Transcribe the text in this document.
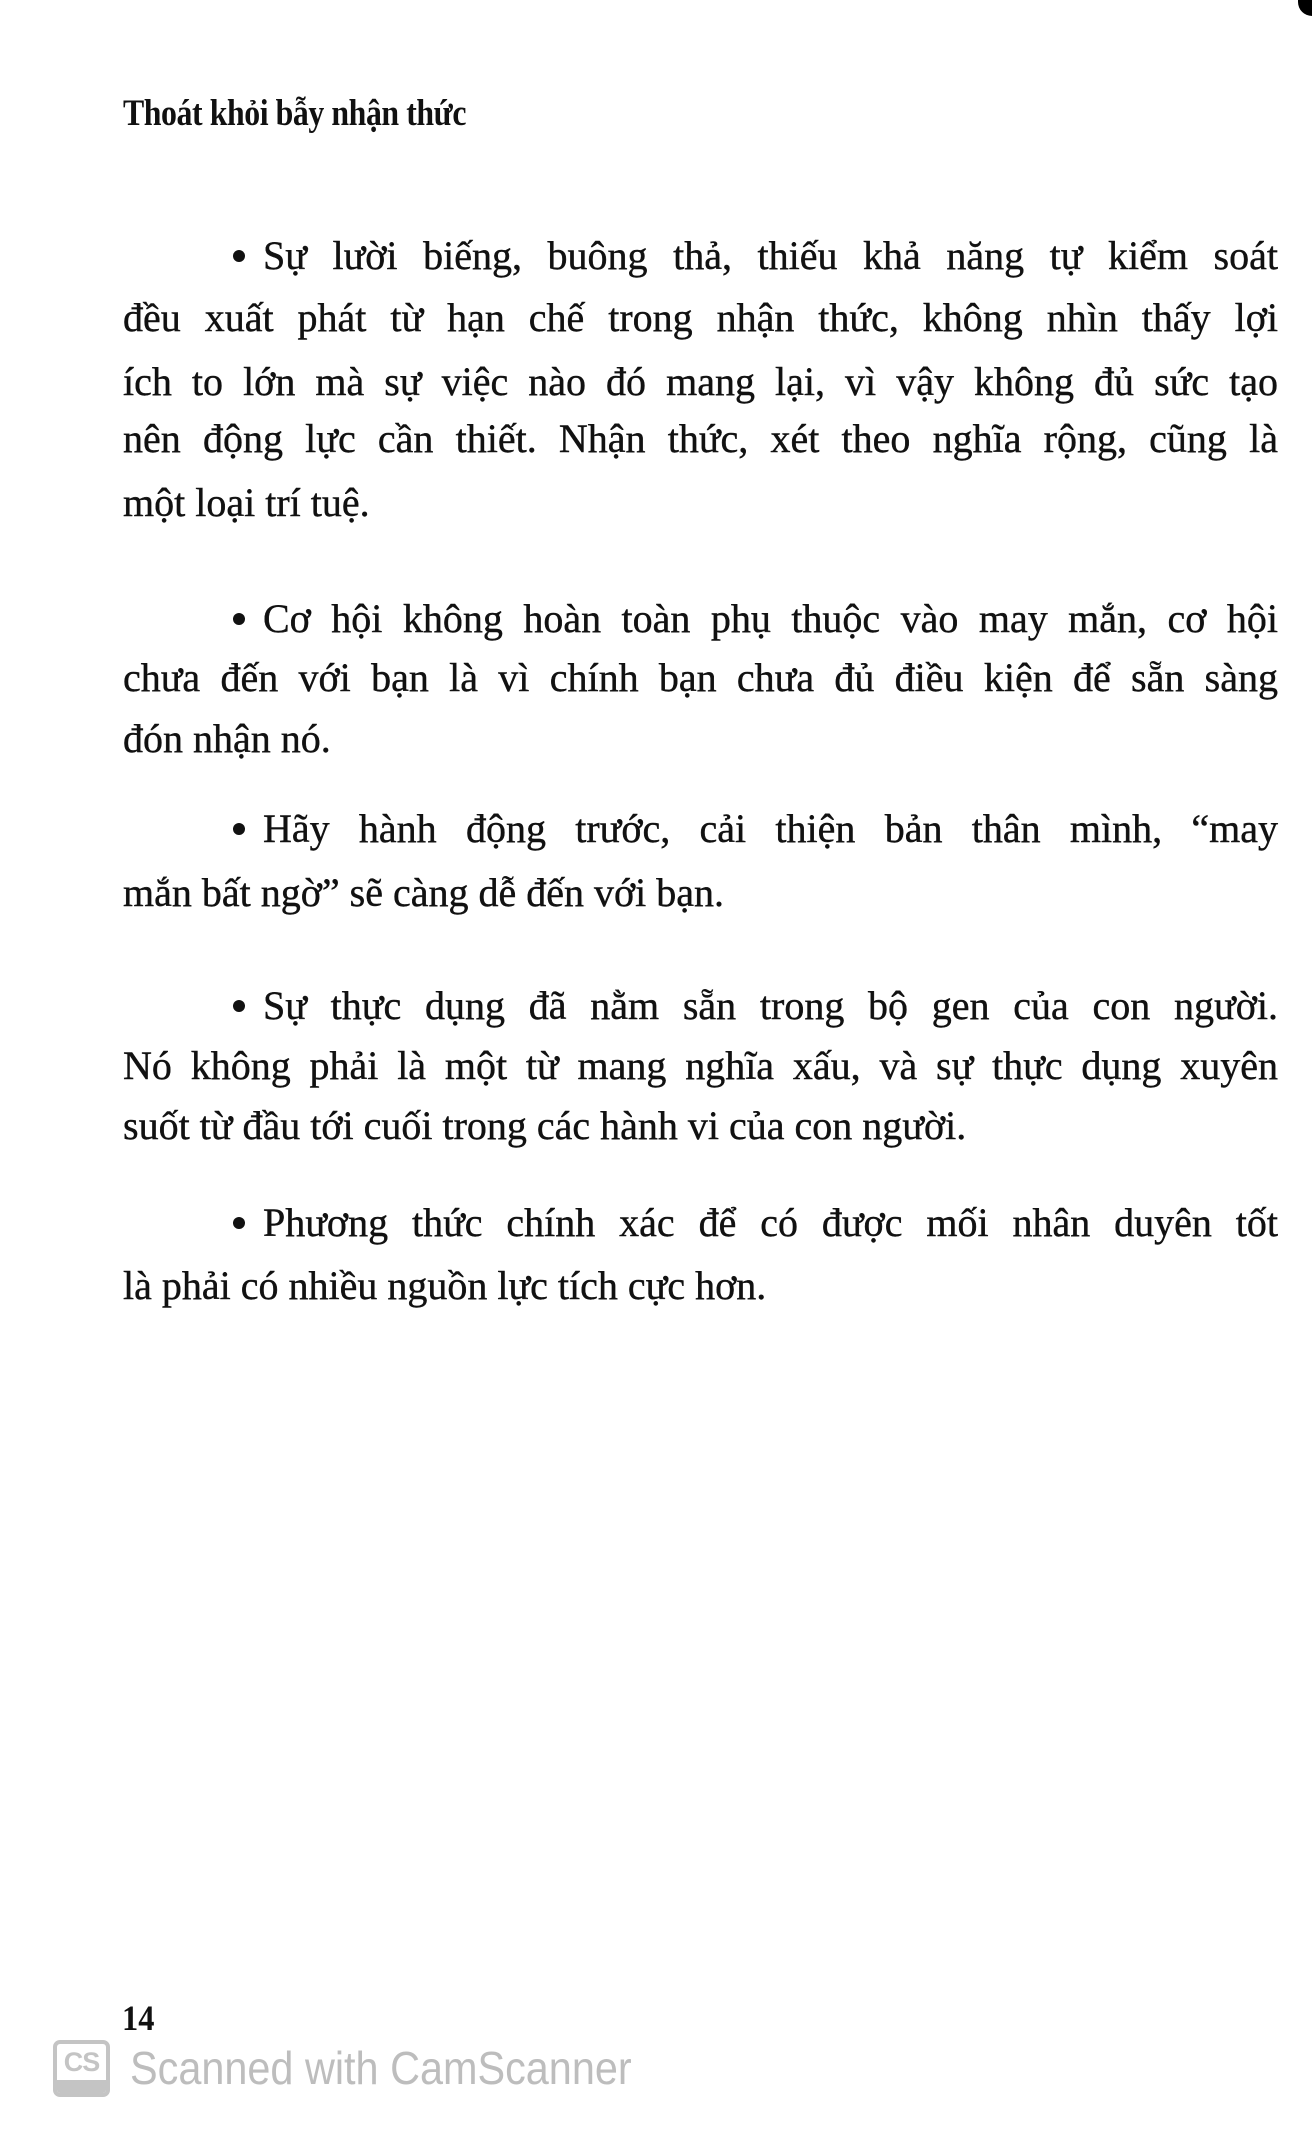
Thoát khỏi bẫy nhận thức
Sự lười biếng, buông thả, thiếu khả năng tự kiểm soát
đều xuất phát từ hạn chế trong nhận thức, không nhìn thấy lợi
ích to lớn mà sự việc nào đó mang lại, vì vậy không đủ sức tạo
nên động lực cần thiết. Nhận thức, xét theo nghĩa rộng, cũng là
một loại trí tuệ.
Cơ hội không hoàn toàn phụ thuộc vào may mắn, cơ hội
chưa đến với bạn là vì chính bạn chưa đủ điều kiện để sẵn sàng
đón nhận nó.
Hãy hành động trước, cải thiện bản thân mình, “may
mắn bất ngờ” sẽ càng dễ đến với bạn.
Sự thực dụng đã nằm sẵn trong bộ gen của con người.
Nó không phải là một từ mang nghĩa xấu, và sự thực dụng xuyên
suốt từ đầu tới cuối trong các hành vi của con người.
Phương thức chính xác để có được mối nhân duyên tốt
là phải có nhiều nguồn lực tích cực hơn.
14
CS Scanned with CamScanner
